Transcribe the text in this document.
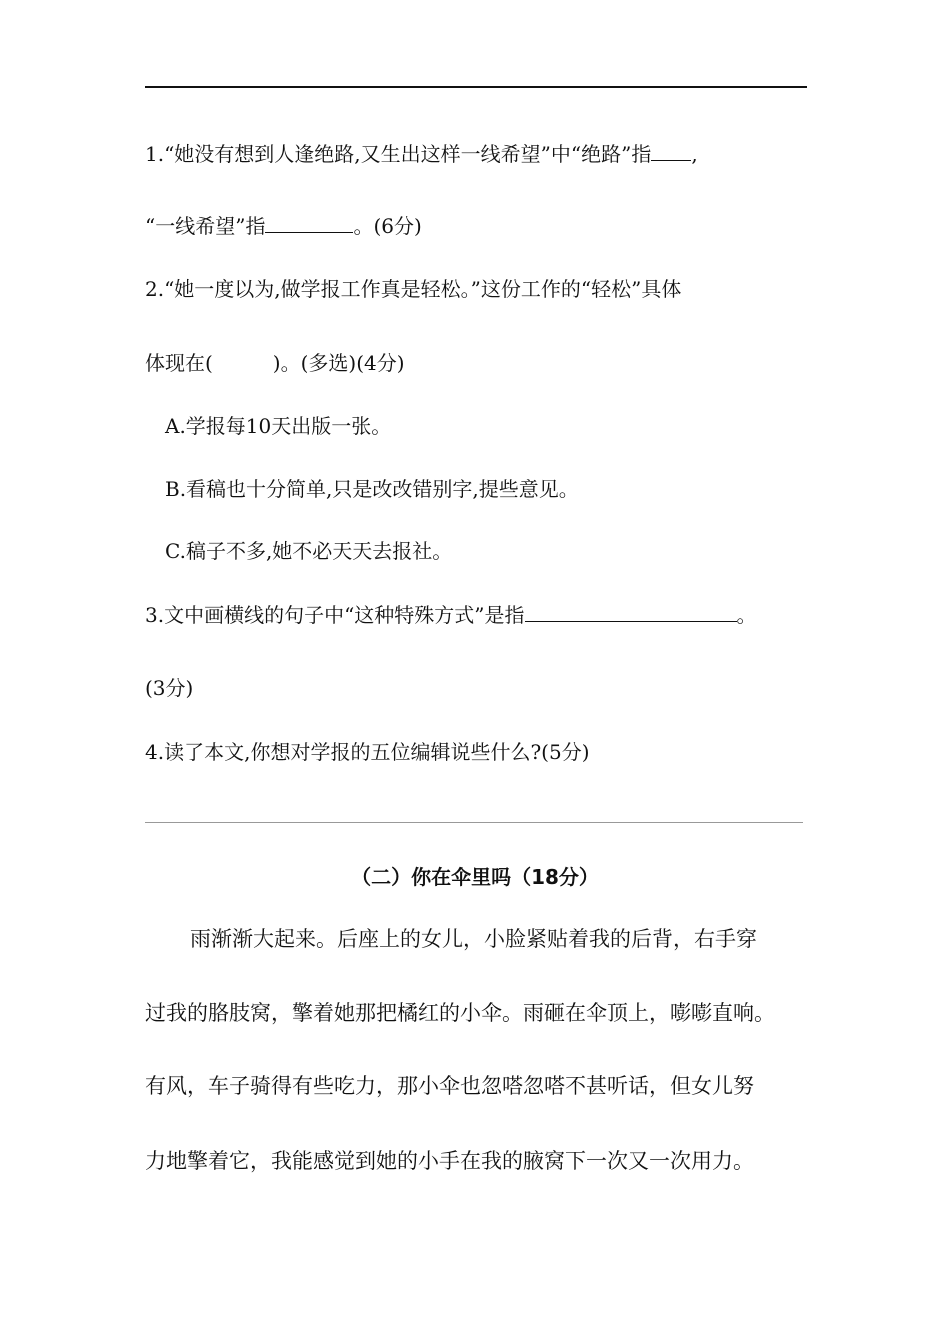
1.“她没有想到人逢绝路,又生出这样一线希望”中“绝路”指 ,
“一线希望”指	。(6分)
2.“她一度以为,做学报工作真是轻松。”这份工作的“轻松”具体
体现在(　　　)。(多选)(4分)
A.学报每10天出版一张。
B.看稿也十分简单,只是改改错别字,提些意见。
C.稿子不多,她不必天天去报社。
3.文中画横线的句子中“这种特殊方式”是指	。
(3分)
4.读了本文,你想对学报的五位编辑说些什么?(5分)
（二）你在伞里吗（18分）
雨渐渐大起来。后座上的女儿，小脸紧贴着我的后背，右手穿
过我的胳肢窝，擎着她那把橘红的小伞。雨砸在伞顶上，嘭嘭直响。
有风，车子骑得有些吃力，那小伞也忽嗒忽嗒不甚听话，但女儿努
力地擎着它，我能感觉到她的小手在我的腋窝下一次又一次用力。
